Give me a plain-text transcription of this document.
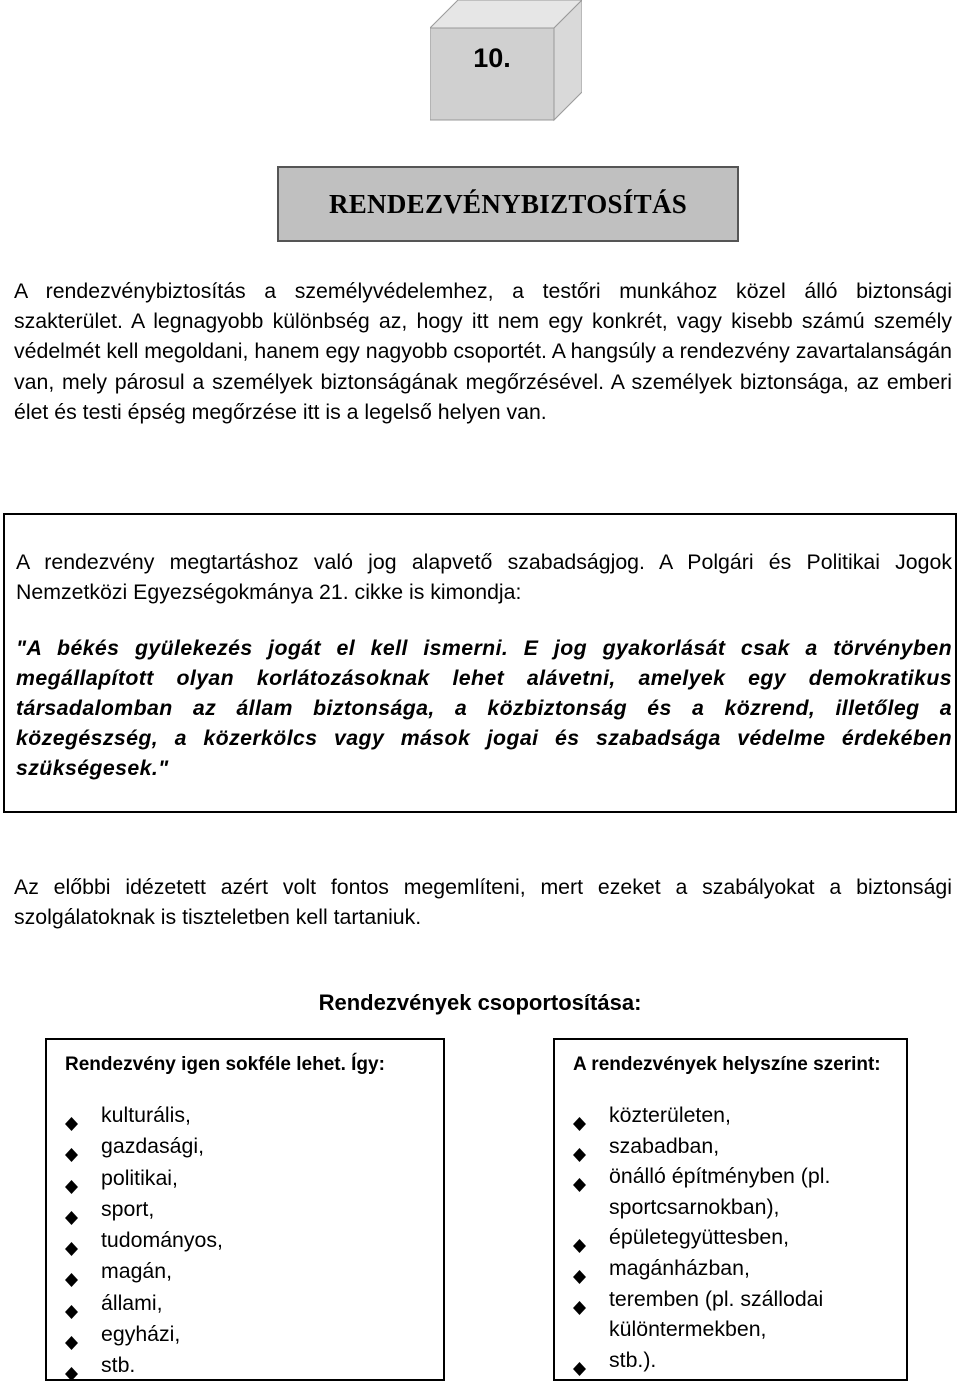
10.
RENDEZVÉNYBIZTOSÍTÁS

A rendezvénybiztosítás a személyvédelemhez, a testőri munkához közel álló biztonsági szakterület. A legnagyobb különbség az, hogy itt nem egy konkrét, vagy kisebb számú személy védelmét kell megoldani, hanem egy nagyobb csoportét. A hangsúly a rendezvény zavartalanságán van, mely párosul a személyek biztonságának megőrzésével. A személyek biztonsága, az emberi élet és testi épség megőrzése itt is a legelső helyen van.

A rendezvény megtartáshoz való jog alapvető szabadságjog. A Polgári és Politikai Jogok Nemzetközi Egyezségokmánya 21. cikke is kimondja:

"A békés gyülekezés jogát el kell ismerni. E jog gyakorlását csak a törvényben megállapított olyan korlátozásoknak lehet alávetni, amelyek egy demokratikus társadalomban az állam biztonsága, a közbiztonság és a közrend, illetőleg a közegészség, a közerkölcs vagy mások jogai és szabadsága védelme érdekében szükségesek."

Az előbbi idézetett azért volt fontos megemlíteni, mert ezeket a szabályokat a biztonsági szolgálatoknak is tiszteletben kell tartaniuk.

Rendezvények csoportosítása:
Rendezvény igen sokféle lehet. Így:
kulturális,
gazdasági,
politikai,
sport,
tudományos,
magán,
állami,
egyházi,
stb.
A rendezvények helyszíne szerint:
közterületen,
szabadban,
önálló építményben (pl. sportcsarnokban),
épületegyüttesben,
magánházban,
teremben (pl. szállodai különtermekben,
stb.).
